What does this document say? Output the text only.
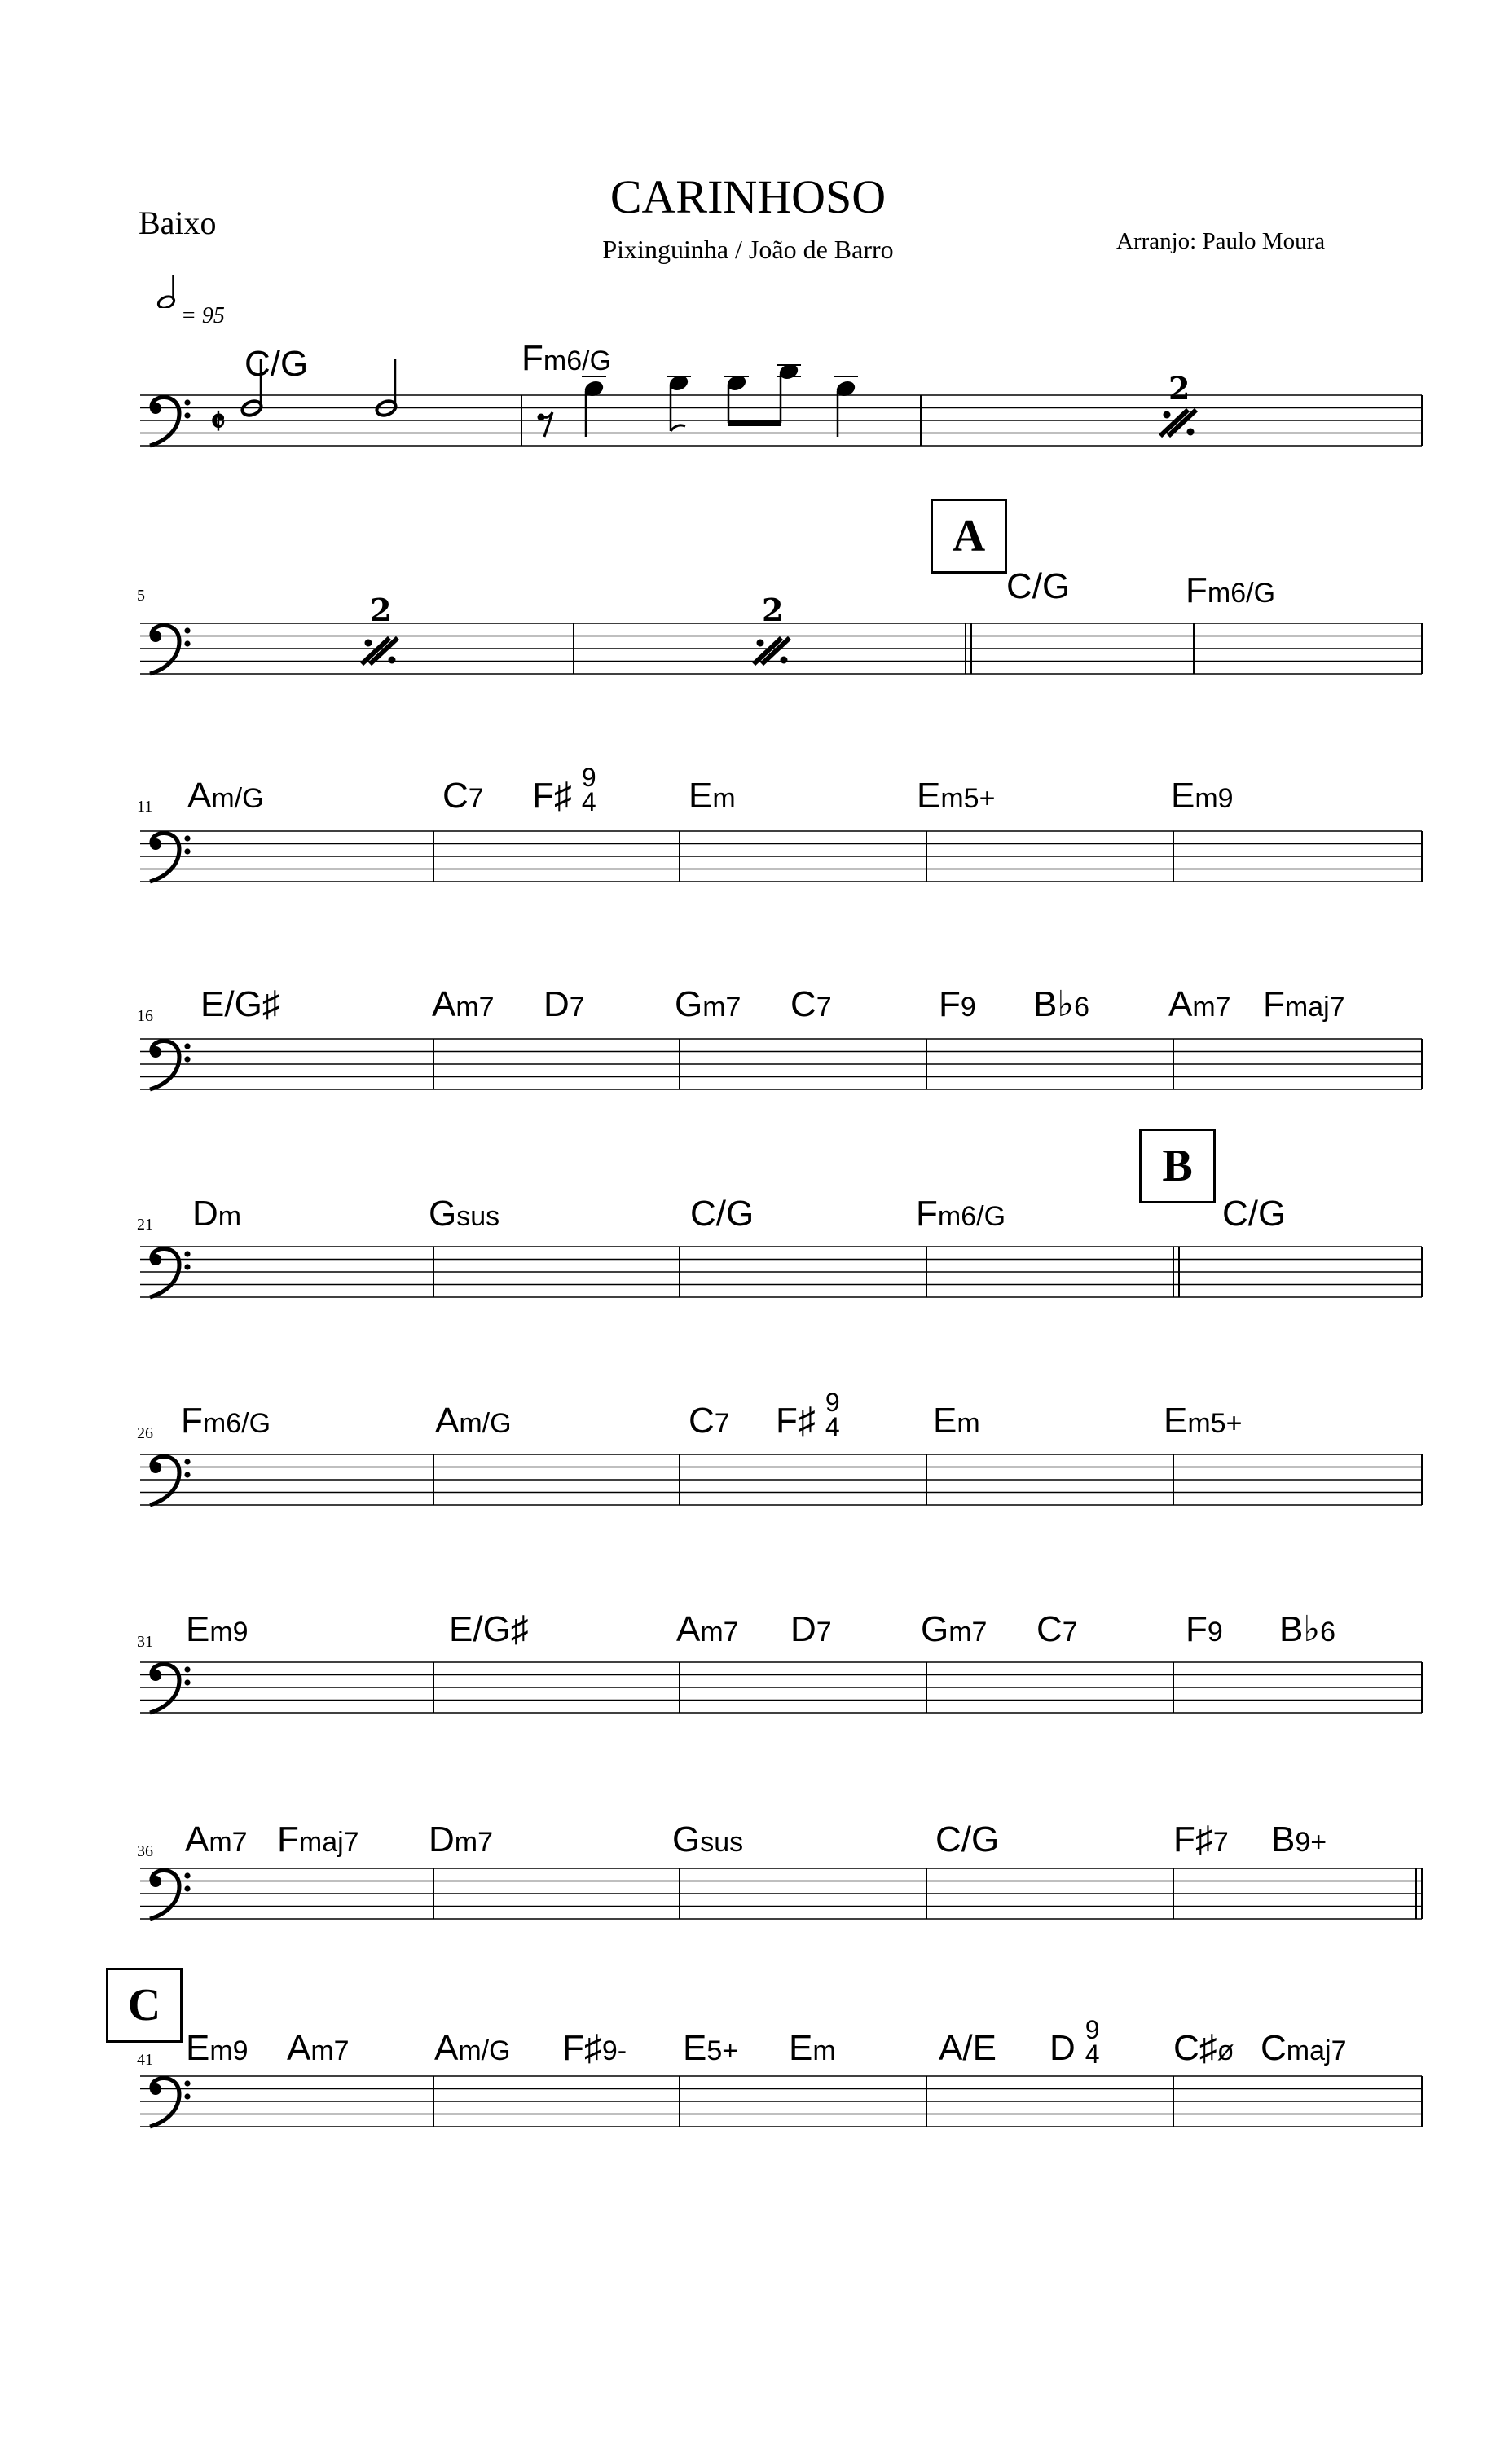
Baixo	CARINHOSO
Pixinguinha / João de Barro	Arranjo: Paulo Moura
= 95
A
B
C
5
11
16
21
26
31
36
41
C/G	Fm6/G
C/G	Fm6/G
Am/G	C7 F♯ 9
4	Em	Em5+	Em9
E/G♯	Am7 D7	Gm7 C7	F9 B♭6 Am7 Fmaj7
Dm	Gsus	C/G	Fm6/G	C/G
Fm6/G	Am/G	C7 F♯ 9
4	Em	Em5+
Em9	E/G♯	Am7 D7 Gm7 C7	F9 B♭6
Am7 Fmaj7 Dm7	Gsus	C/G	F♯7 B9+
Em9 Am7 Am/G F♯9- E5+ Em	A/E D 9
4 C♯ø Cmaj7
𝄵
2
2	2
